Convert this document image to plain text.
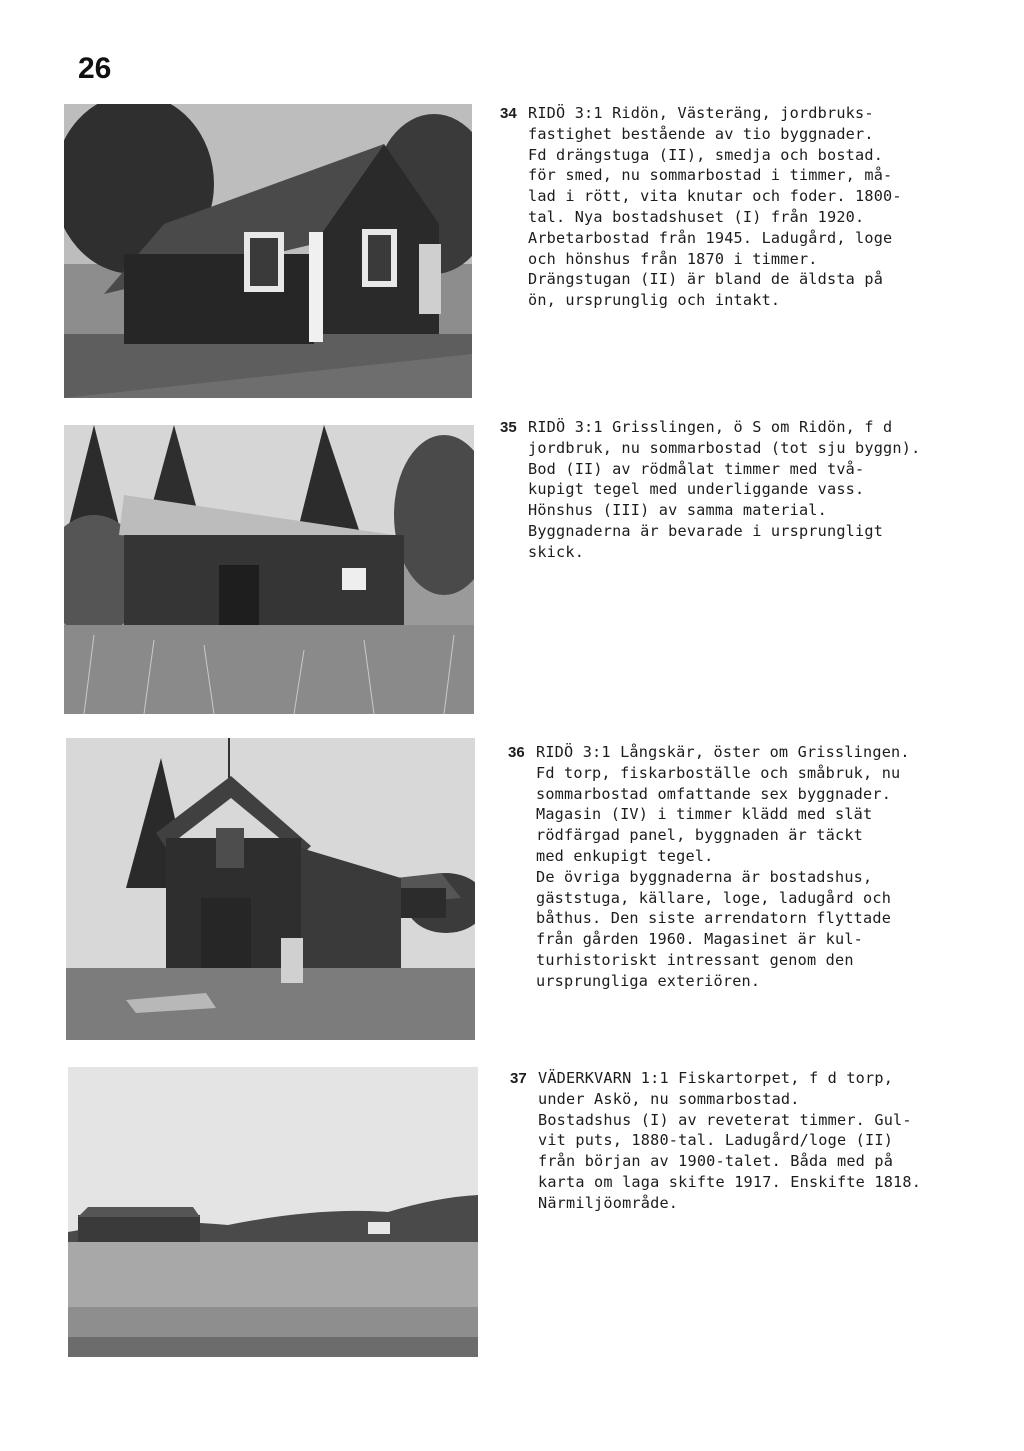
26
34 RIDÖ 3:1 Ridön, Västeräng, jordbruks-
fastighet bestående av tio byggnader.
Fd drängstuga (II), smedja och bostad.
för smed, nu sommarbostad i timmer, må-
lad i rött, vita knutar och foder. 1800-
tal. Nya bostadshuset (I) från 1920.
Arbetarbostad från 1945. Ladugård, loge
och hönshus från 1870 i timmer.
Drängstugan (II) är bland de äldsta på
ön, ursprunglig och intakt.
35 RIDÖ 3:1 Grisslingen, ö S om Ridön, f d
jordbruk, nu sommarbostad (tot sju byggn).
Bod (II) av rödmålat timmer med två-
kupigt tegel med underliggande vass.
Hönshus (III) av samma material.
Byggnaderna är bevarade i ursprungligt
skick.
36 RIDÖ 3:1 Långskär, öster om Grisslingen.
Fd torp, fiskarboställe och småbruk, nu
sommarbostad omfattande sex byggnader.
Magasin (IV) i timmer klädd med slät
rödfärgad panel, byggnaden är täckt
med enkupigt tegel.
De övriga byggnaderna är bostadshus,
gäststuga, källare, loge, ladugård och
båthus. Den siste arrendatorn flyttade
från gården 1960. Magasinet är kul-
turhistoriskt intressant genom den
ursprungliga exteriören.
37 VÄDERKVARN 1:1 Fiskartorpet, f d torp,
under Askö, nu sommarbostad.
Bostadshus (I) av reveterat timmer. Gul-
vit puts, 1880-tal. Ladugård/loge (II)
från början av 1900-talet. Båda med på
karta om laga skifte 1917. Enskifte 1818.
Närmiljöområde.
